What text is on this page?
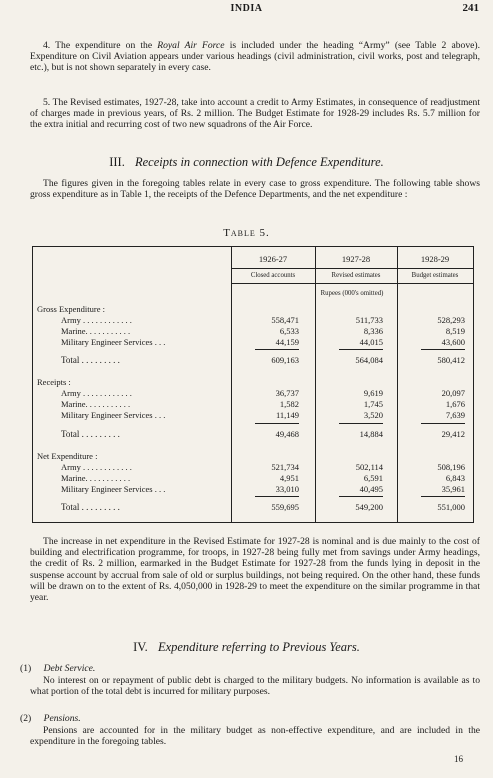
INDIA	241

4. The expenditure on the Royal Air Force is included under the heading “Army” (see Table 2 above). Expenditure on Civil Aviation appears under various headings (civil administration, civil works, post and telegraph, etc.), but is not shown separately in every case.

5. The Revised estimates, 1927-28, take into account a credit to Army Estimates, in consequence of readjustment of charges made in previous years, of Rs. 2 million. The Budget Estimate for 1928-29 includes Rs. 5.7 million for the extra initial and recurring cost of two new squadrons of the Air Force.

III. Receipts in connection with Defence Expenditure.

The figures given in the foregoing tables relate in every case to gross expenditure. The following table shows gross expenditure as in Table 1, the receipts of the Defence Departments, and the net expenditure :

Table 5.
1926-27	1927-28	1928-29
Closed accounts	Revised estimates	Budget estimates
Rupees (000's omitted)
Gross Expenditure :
Army . . . . . . . . . . . .	558,471	511,733	528,293
Marine. . . . . . . . . . .	6,533	8,336	8,519
Military Engineer Services . . .	44,159	44,015	43,600
Total . . . . . . . . .	609,163	564,084	580,412
Receipts :
Army . . . . . . . . . . . .	36,737	9,619	20,097
Marine. . . . . . . . . . .	1,582	1,745	1,676
Military Engineer Services . . .	11,149	3,520	7,639
Total . . . . . . . . .	49,468	14,884	29,412
Net Expenditure :
Army . . . . . . . . . . . .	521,734	502,114	508,196
Marine. . . . . . . . . . .	4,951	6,591	6,843
Military Engineer Services . . .	33,010	40,495	35,961
Total . . . . . . . . .	559,695	549,200	551,000

The increase in net expenditure in the Revised Estimate for 1927-28 is nominal and is due mainly to the cost of building and electrification programme, for troops, in 1927-28 being fully met from savings under Army headings, the credit of Rs. 2 million, earmarked in the Budget Estimate for 1927-28 from the funds lying in deposit in the suspense account by accrual from sale of old or surplus buildings, not being required. On the other hand, these funds will be drawn on to the extent of Rs. 4,050,000 in 1928-29 to meet the expenditure on the similar programme in that year.

IV. Expenditure referring to Previous Years.
(1) Debt Service.

No interest on or repayment of public debt is charged to the military budgets. No information is available as to what portion of the total debt is incurred for military purposes.

(2) Pensions.

Pensions are accounted for in the military budget as non-effective expenditure, and are included in the expenditure in the foregoing tables.

16
